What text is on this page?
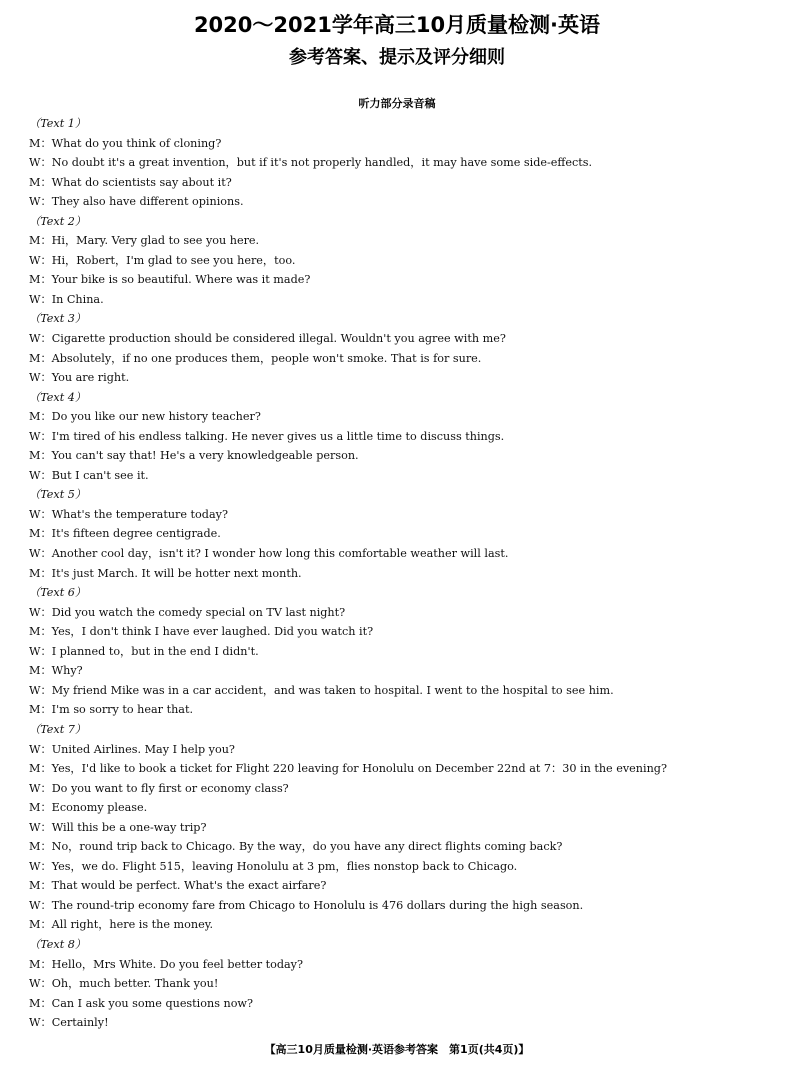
2020～2021学年高三10月质量检测·英语
参考答案、提示及评分细则
听力部分录音稿
（Text 1）
M：What do you think of cloning?
W：No doubt it's a great invention，but if it's not properly handled，it may have some side-effects.
M：What do scientists say about it?
W：They also have different opinions.
（Text 2）
M：Hi，Mary. Very glad to see you here.
W：Hi，Robert，I'm glad to see you here，too.
M：Your bike is so beautiful. Where was it made?
W：In China.
（Text 3）
W：Cigarette production should be considered illegal. Wouldn't you agree with me?
M：Absolutely，if no one produces them，people won't smoke. That is for sure.
W：You are right.
（Text 4）
M：Do you like our new history teacher?
W：I'm tired of his endless talking. He never gives us a little time to discuss things.
M：You can't say that! He's a very knowledgeable person.
W：But I can't see it.
（Text 5）
W：What's the temperature today?
M：It's fifteen degree centigrade.
W：Another cool day，isn't it? I wonder how long this comfortable weather will last.
M：It's just March. It will be hotter next month.
（Text 6）
W：Did you watch the comedy special on TV last night?
M：Yes，I don't think I have ever laughed. Did you watch it?
W：I planned to，but in the end I didn't.
M：Why?
W：My friend Mike was in a car accident，and was taken to hospital. I went to the hospital to see him.
M：I'm so sorry to hear that.
（Text 7）
W：United Airlines. May I help you?
M：Yes，I'd like to book a ticket for Flight 220 leaving for Honolulu on December 22nd at 7：30 in the evening?
W：Do you want to fly first or economy class?
M：Economy please.
W：Will this be a one-way trip?
M：No，round trip back to Chicago. By the way，do you have any direct flights coming back?
W：Yes，we do. Flight 515，leaving Honolulu at 3 pm，flies nonstop back to Chicago.
M：That would be perfect. What's the exact airfare?
W：The round-trip economy fare from Chicago to Honolulu is 476 dollars during the high season.
M：All right，here is the money.
（Text 8）
M：Hello，Mrs White. Do you feel better today?
W：Oh，much better. Thank you!
M：Can I ask you some questions now?
W：Certainly!
【高三10月质量检测·英语参考答案　第1页(共4页)】
